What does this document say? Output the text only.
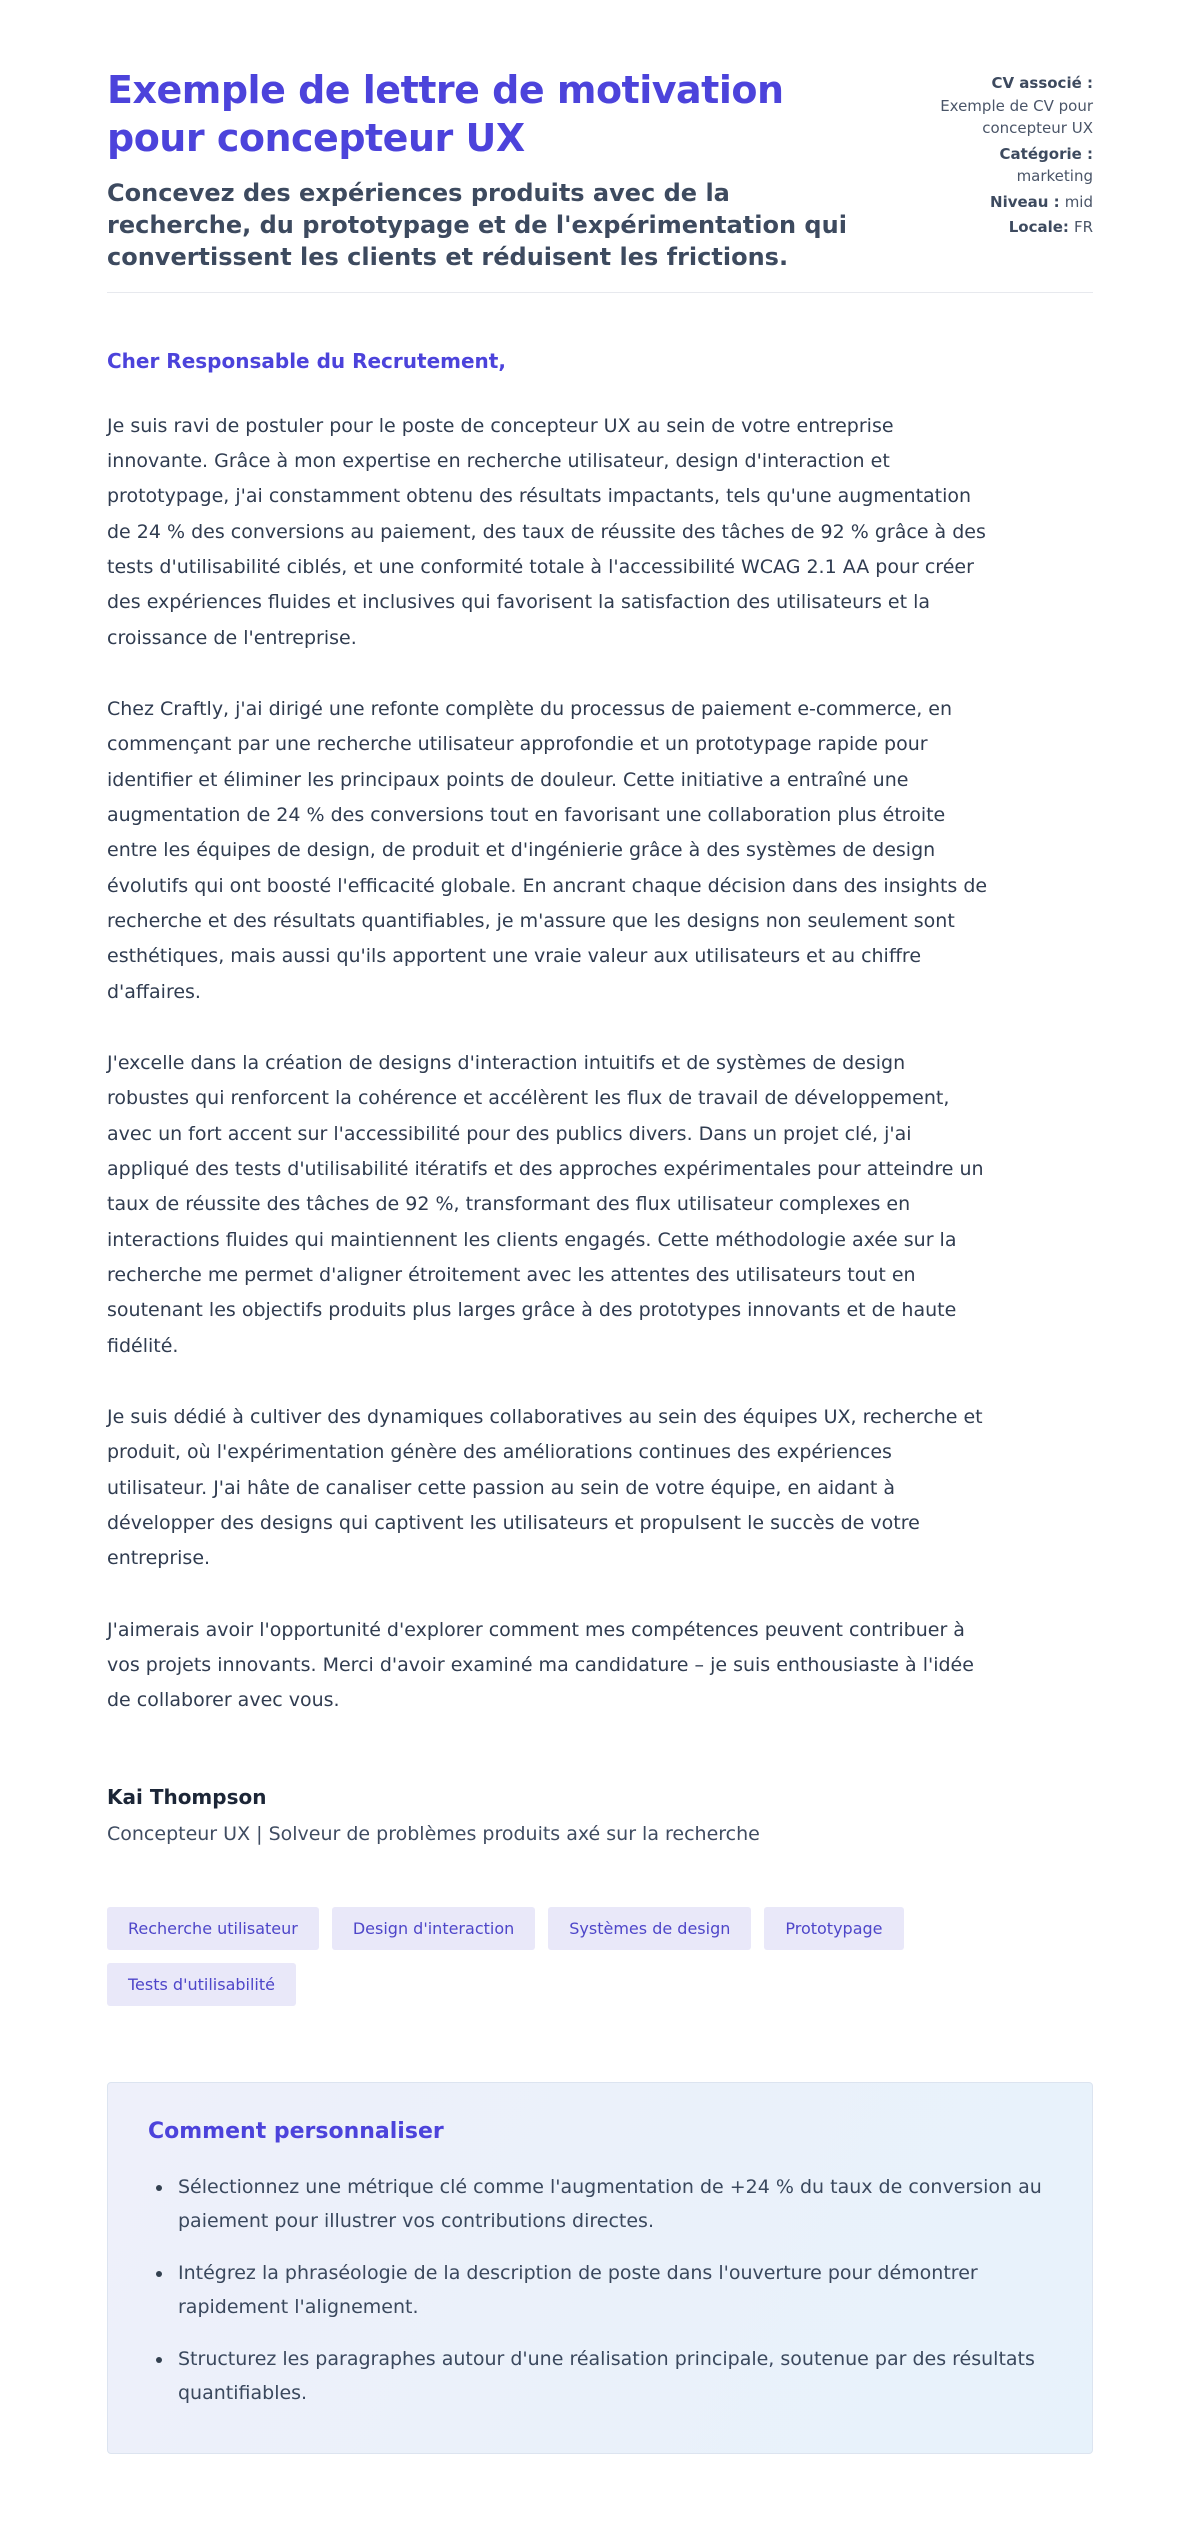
Exemple de lettre de motivation pour concepteur UX

Concevez des expériences produits avec de la recherche, du prototypage et de l'expérimentation qui convertissent les clients et réduisent les frictions.

CV associé :
Exemple de CV pour concepteur UX
Catégorie :
marketing
Niveau : mid
Locale: FR

Cher Responsable du Recrutement,

Je suis ravi de postuler pour le poste de concepteur UX au sein de votre entreprise innovante. Grâce à mon expertise en recherche utilisateur, design d'interaction et prototypage, j'ai constamment obtenu des résultats impactants, tels qu'une augmentation de 24 % des conversions au paiement, des taux de réussite des tâches de 92 % grâce à des tests d'utilisabilité ciblés, et une conformité totale à l'accessibilité WCAG 2.1 AA pour créer des expériences fluides et inclusives qui favorisent la satisfaction des utilisateurs et la croissance de l'entreprise.

Chez Craftly, j'ai dirigé une refonte complète du processus de paiement e-commerce, en commençant par une recherche utilisateur approfondie et un prototypage rapide pour identifier et éliminer les principaux points de douleur. Cette initiative a entraîné une augmentation de 24 % des conversions tout en favorisant une collaboration plus étroite entre les équipes de design, de produit et d'ingénierie grâce à des systèmes de design évolutifs qui ont boosté l'efficacité globale. En ancrant chaque décision dans des insights de recherche et des résultats quantifiables, je m'assure que les designs non seulement sont esthétiques, mais aussi qu'ils apportent une vraie valeur aux utilisateurs et au chiffre d'affaires.

J'excelle dans la création de designs d'interaction intuitifs et de systèmes de design robustes qui renforcent la cohérence et accélèrent les flux de travail de développement, avec un fort accent sur l'accessibilité pour des publics divers. Dans un projet clé, j'ai appliqué des tests d'utilisabilité itératifs et des approches expérimentales pour atteindre un taux de réussite des tâches de 92 %, transformant des flux utilisateur complexes en interactions fluides qui maintiennent les clients engagés. Cette méthodologie axée sur la recherche me permet d'aligner étroitement avec les attentes des utilisateurs tout en soutenant les objectifs produits plus larges grâce à des prototypes innovants et de haute fidélité.

Je suis dédié à cultiver des dynamiques collaboratives au sein des équipes UX, recherche et produit, où l'expérimentation génère des améliorations continues des expériences utilisateur. J'ai hâte de canaliser cette passion au sein de votre équipe, en aidant à développer des designs qui captivent les utilisateurs et propulsent le succès de votre entreprise.

J'aimerais avoir l'opportunité d'explorer comment mes compétences peuvent contribuer à vos projets innovants. Merci d'avoir examiné ma candidature – je suis enthousiaste à l'idée de collaborer avec vous.

Kai Thompson

Concepteur UX | Solveur de problèmes produits axé sur la recherche

Recherche utilisateur	Design d'interaction	Systèmes de design	Prototypage
Tests d'utilisabilité
Comment personnaliser
• Sélectionnez une métrique clé comme l'augmentation de +24 % du taux de conversion au paiement pour illustrer vos contributions directes.
• Intégrez la phraséologie de la description de poste dans l'ouverture pour démontrer rapidement l'alignement.
• Structurez les paragraphes autour d'une réalisation principale, soutenue par des résultats quantifiables.
